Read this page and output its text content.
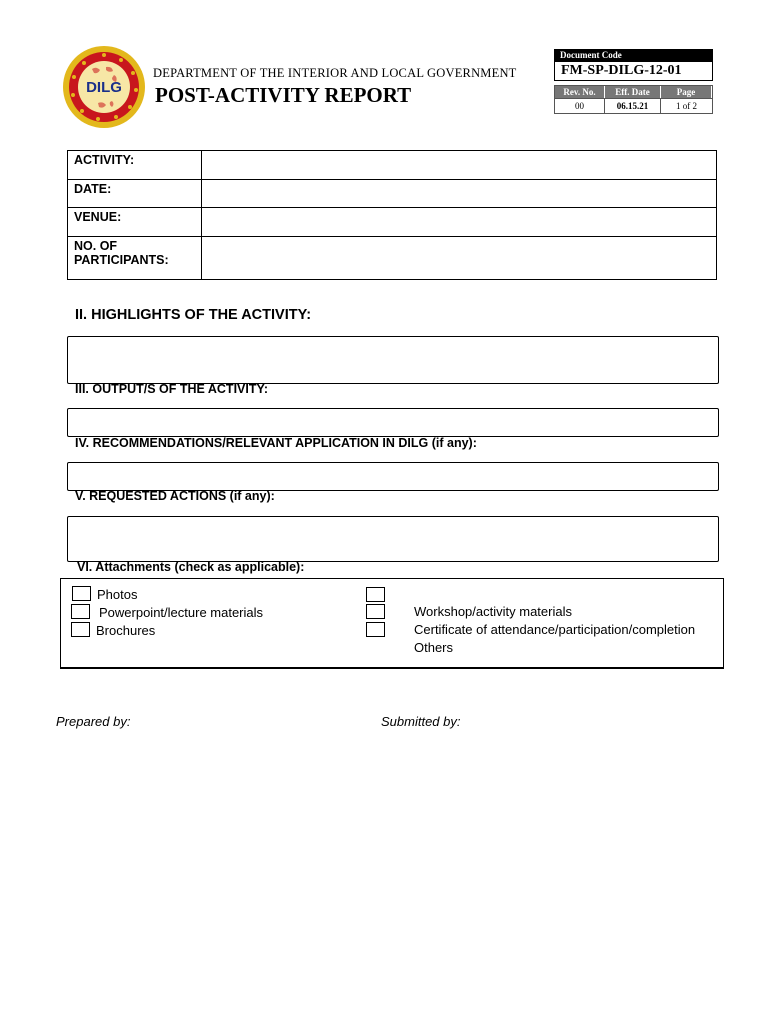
DILG
DEPARTMENT OF THE INTERIOR AND LOCAL GOVERNMENT
POST-ACTIVITY REPORT
Document Code
FM-SP-DILG-12-01
Rev. No.	Eff. Date	Page
00	06.15.21	1 of 2
ACTIVITY:	
DATE:	
VENUE:	
NO. OF
PARTICIPANTS:	
II. HIGHLIGHTS OF THE ACTIVITY:
III. OUTPUT/S OF THE ACTIVITY:
IV. RECOMMENDATIONS/RELEVANT APPLICATION IN DILG (if any):
V. REQUESTED ACTIONS (if any):
VI. Attachments (check as applicable):
Photos
Powerpoint/lecture materials
Brochures
Workshop/activity materials
Certificate of attendance/participation/completion
Others
Prepared by:	Submitted by:
